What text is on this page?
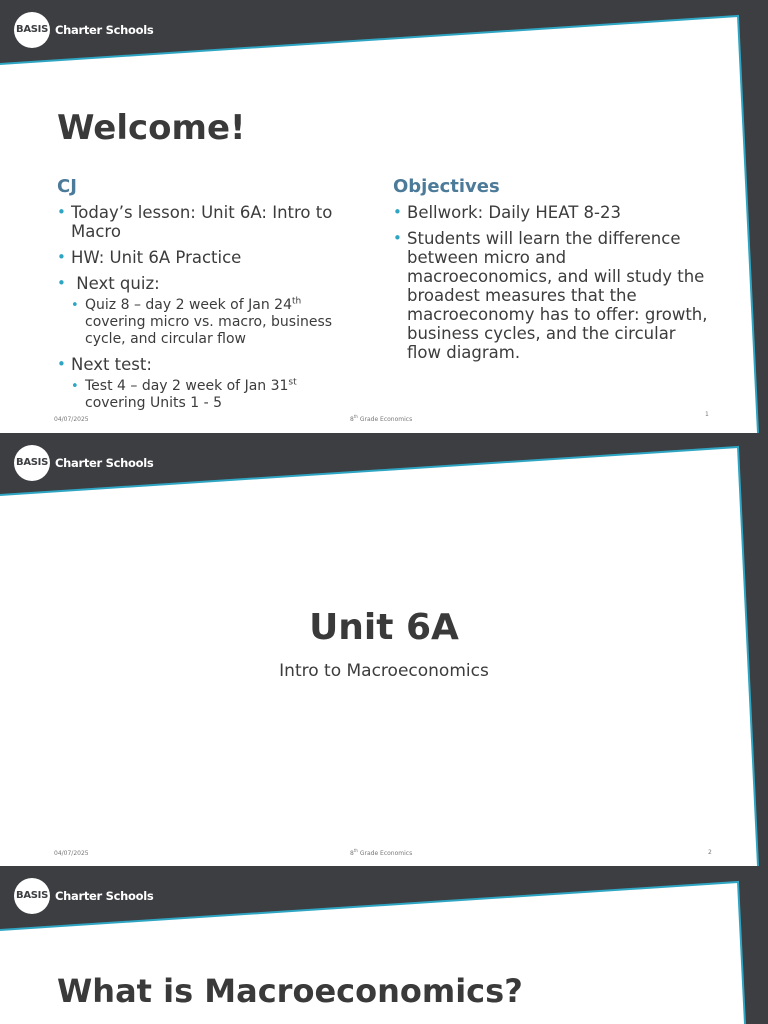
BASIS Charter Schools
Welcome!
CJ
• Today’s lesson: Unit 6A: Intro to Macro
• HW: Unit 6A Practice
•  Next quiz:
• Quiz 8 – day 2 week of Jan 24th covering micro vs. macro, business cycle, and circular flow
• Next test:
• Test 4 – day 2 week of Jan 31st covering Units 1 - 5
Objectives
• Bellwork: Daily HEAT 8-23
• Students will learn the difference between micro and macroeconomics, and will study the broadest measures that the macroeconomy has to offer: growth, business cycles, and the circular flow diagram.
04/07/2025	8th Grade Economics
1
BASIS Charter Schools
Unit 6A
Intro to Macroeconomics
04/07/2025	8th Grade Economics	2
BASIS Charter Schools
What is Macroeconomics?
